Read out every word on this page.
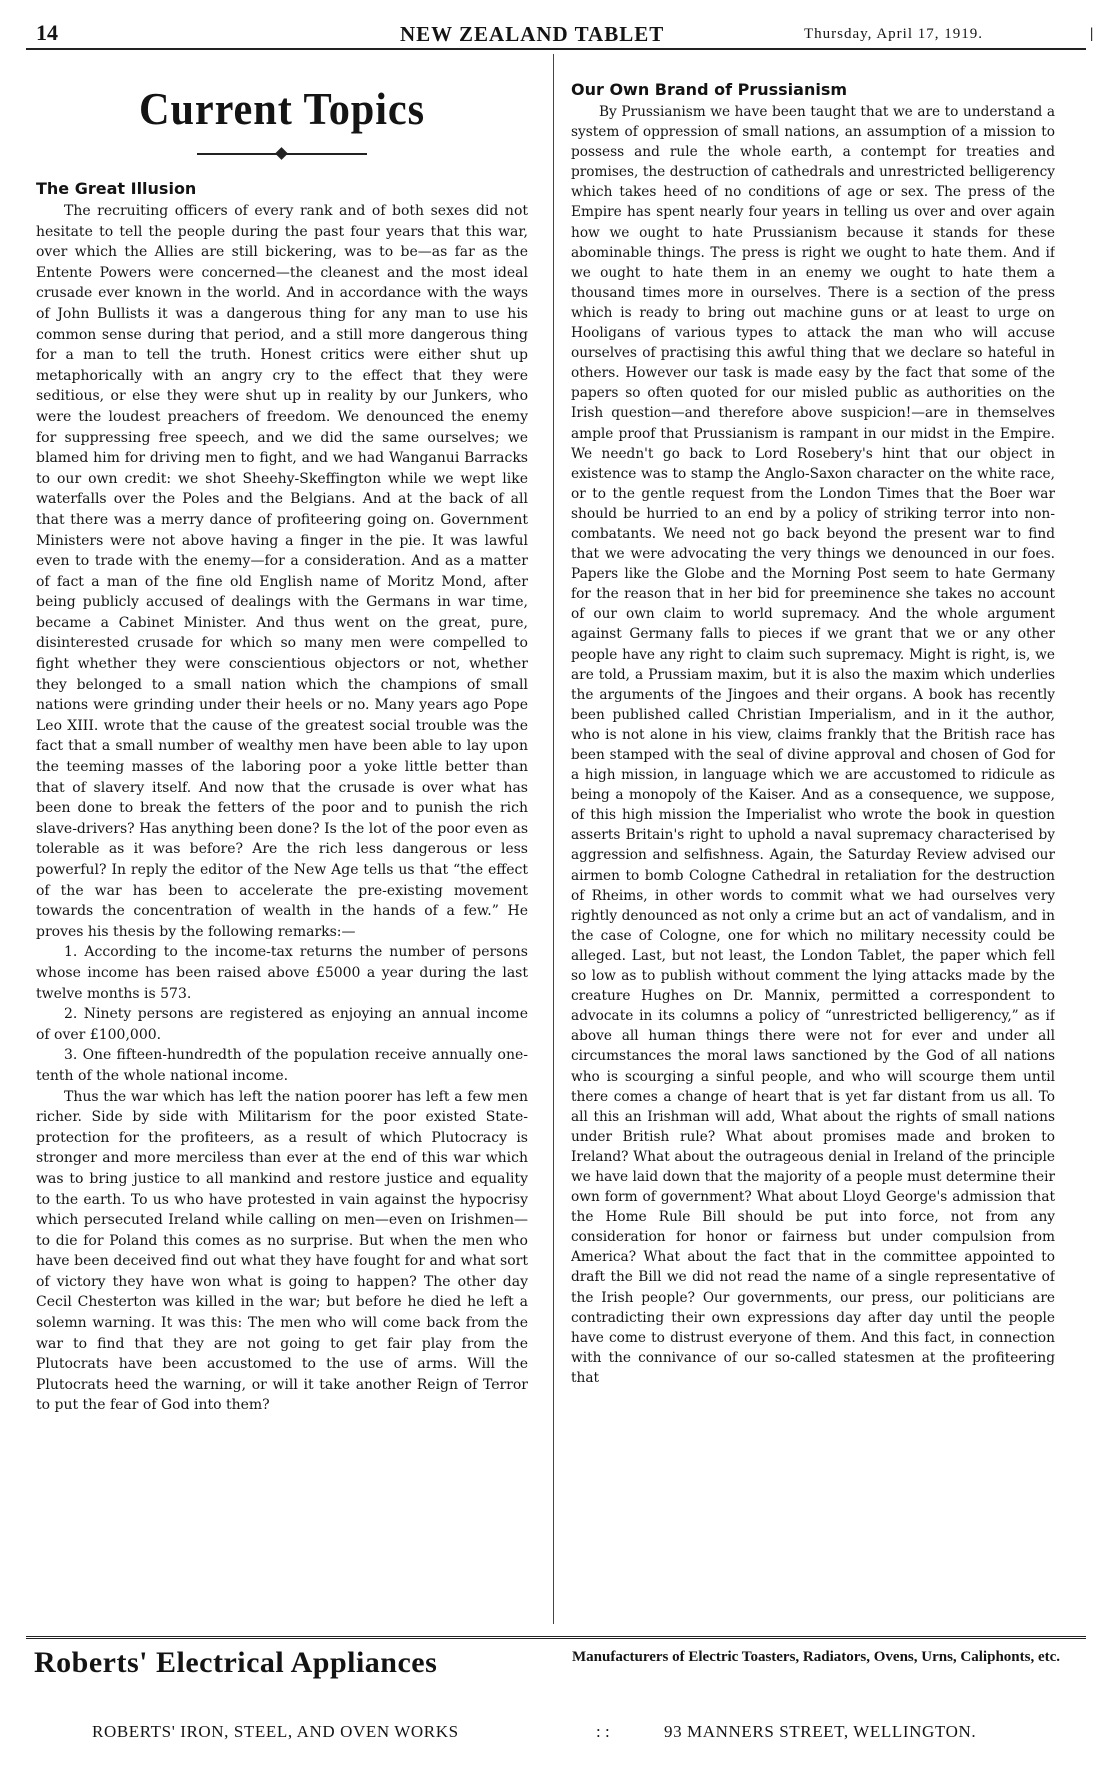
14	NEW ZEALAND TABLET	Thursday, April 17, 1919.	|
Current Topics
The Great Illusion

The recruiting officers of every rank and of both sexes did not hesitate to tell the people during the past four years that this war, over which the Allies are still bickering, was to be—as far as the Entente Powers were concerned—the cleanest and the most ideal crusade ever known in the world. And in accordance with the ways of John Bullists it was a dangerous thing for any man to use his common sense during that period, and a still more dangerous thing for a man to tell the truth. Honest critics were either shut up metaphorically with an angry cry to the effect that they were seditious, or else they were shut up in reality by our Junkers, who were the loudest preachers of freedom. We denounced the enemy for suppressing free speech, and we did the same ourselves; we blamed him for driving men to fight, and we had Wanganui Barracks to our own credit: we shot Sheehy-Skeffington while we wept like waterfalls over the Poles and the Belgians. And at the back of all that there was a merry dance of profiteering going on. Government Ministers were not above having a finger in the pie. It was lawful even to trade with the enemy—for a consideration. And as a matter of fact a man of the fine old English name of Moritz Mond, after being publicly accused of dealings with the Germans in war time, became a Cabinet Minister. And thus went on the great, pure, disinterested crusade for which so many men were compelled to fight whether they were conscientious objectors or not, whether they belonged to a small nation which the champions of small nations were grinding under their heels or no. Many years ago Pope Leo XIII. wrote that the cause of the greatest social trouble was the fact that a small number of wealthy men have been able to lay upon the teeming masses of the laboring poor a yoke little better than that of slavery itself. And now that the crusade is over what has been done to break the fetters of the poor and to punish the rich slave-drivers? Has anything been done? Is the lot of the poor even as tolerable as it was before? Are the rich less dangerous or less powerful? In reply the editor of the New Age tells us that “the effect of the war has been to accelerate the pre-existing movement towards the concentration of wealth in the hands of a few.” He proves his thesis by the following remarks:—

1. According to the income-tax returns the number of persons whose income has been raised above £5000 a year during the last twelve months is 573.

2. Ninety persons are registered as enjoying an annual income of over £100,000.

3. One fifteen-hundredth of the population receive annually one-tenth of the whole national income.

Thus the war which has left the nation poorer has left a few men richer. Side by side with Militarism for the poor existed State-protection for the profiteers, as a result of which Plutocracy is stronger and more merciless than ever at the end of this war which was to bring justice to all mankind and restore justice and equality to the earth. To us who have protested in vain against the hypocrisy which persecuted Ireland while calling on men—even on Irishmen—to die for Poland this comes as no surprise. But when the men who have been deceived find out what they have fought for and what sort of victory they have won what is going to happen? The other day Cecil Chesterton was killed in the war; but before he died he left a solemn warning. It was this: The men who will come back from the war to find that they are not going to get fair play from the Plutocrats have been accustomed to the use of arms. Will the Plutocrats heed the warning, or will it take another Reign of Terror to put the fear of God into them?

Our Own Brand of Prussianism

By Prussianism we have been taught that we are to understand a system of oppression of small nations, an assumption of a mission to possess and rule the whole earth, a contempt for treaties and promises, the destruction of cathedrals and unrestricted belligerency which takes heed of no conditions of age or sex. The press of the Empire has spent nearly four years in telling us over and over again how we ought to hate Prussianism because it stands for these abominable things. The press is right we ought to hate them. And if we ought to hate them in an enemy we ought to hate them a thousand times more in ourselves. There is a section of the press which is ready to bring out machine guns or at least to urge on Hooligans of various types to attack the man who will accuse ourselves of practising this awful thing that we declare so hateful in others. However our task is made easy by the fact that some of the papers so often quoted for our misled public as authorities on the Irish question—and therefore above suspicion!—are in themselves ample proof that Prussianism is rampant in our midst in the Empire. We needn't go back to Lord Rosebery's hint that our object in existence was to stamp the Anglo-Saxon character on the white race, or to the gentle request from the London Times that the Boer war should be hurried to an end by a policy of striking terror into non-combatants. We need not go back beyond the present war to find that we were advocating the very things we denounced in our foes. Papers like the Globe and the Morning Post seem to hate Germany for the reason that in her bid for preeminence she takes no account of our own claim to world supremacy. And the whole argument against Germany falls to pieces if we grant that we or any other people have any right to claim such supremacy. Might is right, is, we are told, a Prussiam maxim, but it is also the maxim which underlies the arguments of the Jingoes and their organs. A book has recently been published called Christian Imperialism, and in it the author, who is not alone in his view, claims frankly that the British race has been stamped with the seal of divine approval and chosen of God for a high mission, in language which we are accustomed to ridicule as being a monopoly of the Kaiser. And as a consequence, we suppose, of this high mission the Imperialist who wrote the book in question asserts Britain's right to uphold a naval supremacy characterised by aggression and selfishness. Again, the Saturday Review advised our airmen to bomb Cologne Cathedral in retaliation for the destruction of Rheims, in other words to commit what we had ourselves very rightly denounced as not only a crime but an act of vandalism, and in the case of Cologne, one for which no military necessity could be alleged. Last, but not least, the London Tablet, the paper which fell so low as to publish without comment the lying attacks made by the creature Hughes on Dr. Mannix, permitted a correspondent to advocate in its columns a policy of “unrestricted belligerency,” as if above all human things there were not for ever and under all circumstances the moral laws sanctioned by the God of all nations who is scourging a sinful people, and who will scourge them until there comes a change of heart that is yet far distant from us all. To all this an Irishman will add, What about the rights of small nations under British rule? What about promises made and broken to Ireland? What about the outrageous denial in Ireland of the principle we have laid down that the majority of a people must determine their own form of government? What about Lloyd George's admission that the Home Rule Bill should be put into force, not from any consideration for honor or fairness but under compulsion from America? What about the fact that in the committee appointed to draft the Bill we did not read the name of a single representative of the Irish people? Our governments, our press, our politicians are contradicting their own expressions day after day until the people have come to distrust everyone of them. And this fact, in connection with the connivance of our so-called statesmen at the profiteering that

Roberts' Electrical Appliances	Manufacturers of Electric Toasters, Radiators, Ovens, Urns, Caliphonts, etc.
ROBERTS' IRON, STEEL, AND OVEN WORKS	: :	93 MANNERS STREET, WELLINGTON.
